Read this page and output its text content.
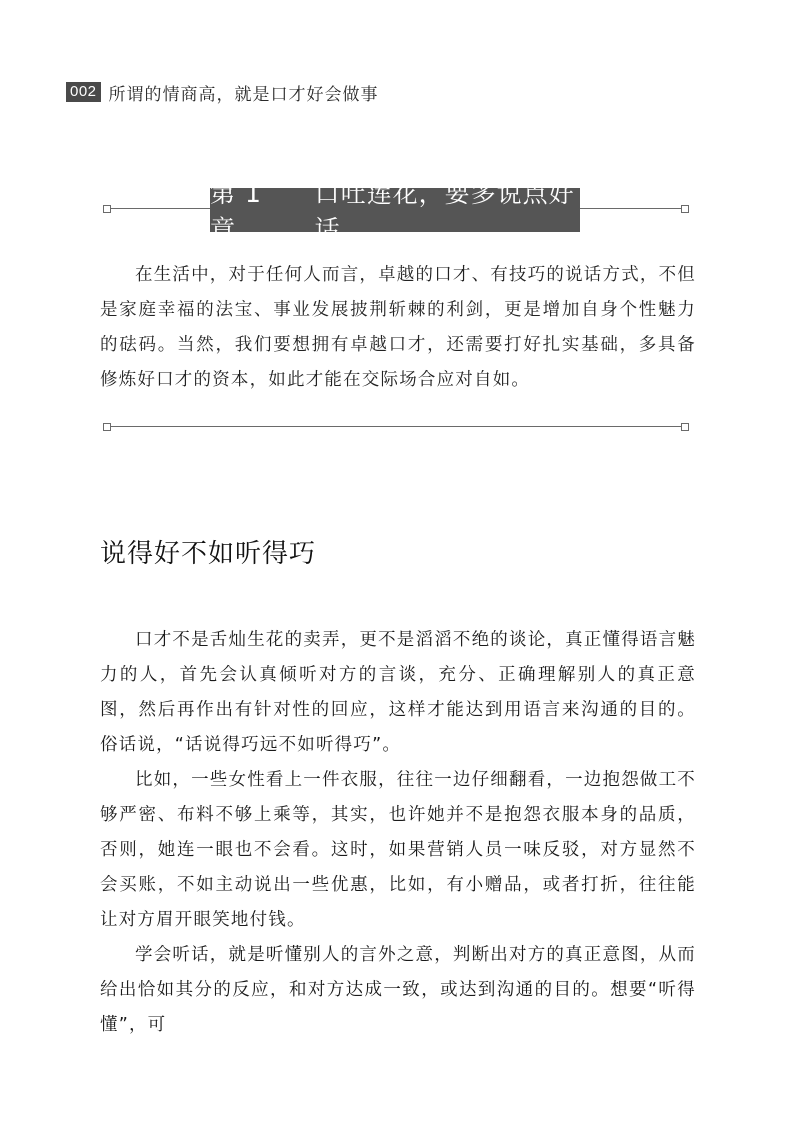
002 所谓的情商高，就是口才好会做事
第 1 章
口吐莲花，要多说点好话

在生活中，对于任何人而言，卓越的口才、有技巧的说话方式，不但是家庭幸福的法宝、事业发展披荆斩棘的利剑，更是增加自身个性魅力的砝码。当然，我们要想拥有卓越口才，还需要打好扎实基础，多具备修炼好口才的资本，如此才能在交际场合应对自如。

说得好不如听得巧

口才不是舌灿生花的卖弄，更不是滔滔不绝的谈论，真正懂得语言魅力的人，首先会认真倾听对方的言谈，充分、正确理解别人的真正意图，然后再作出有针对性的回应，这样才能达到用语言来沟通的目的。俗话说，“话说得巧远不如听得巧”。

比如，一些女性看上一件衣服，往往一边仔细翻看，一边抱怨做工不够严密、布料不够上乘等，其实，也许她并不是抱怨衣服本身的品质，否则，她连一眼也不会看。这时，如果营销人员一味反驳，对方显然不会买账，不如主动说出一些优惠，比如，有小赠品，或者打折，往往能让对方眉开眼笑地付钱。

学会听话，就是听懂别人的言外之意，判断出对方的真正意图，从而给出恰如其分的反应，和对方达成一致，或达到沟通的目的。想要“听得懂”，可
